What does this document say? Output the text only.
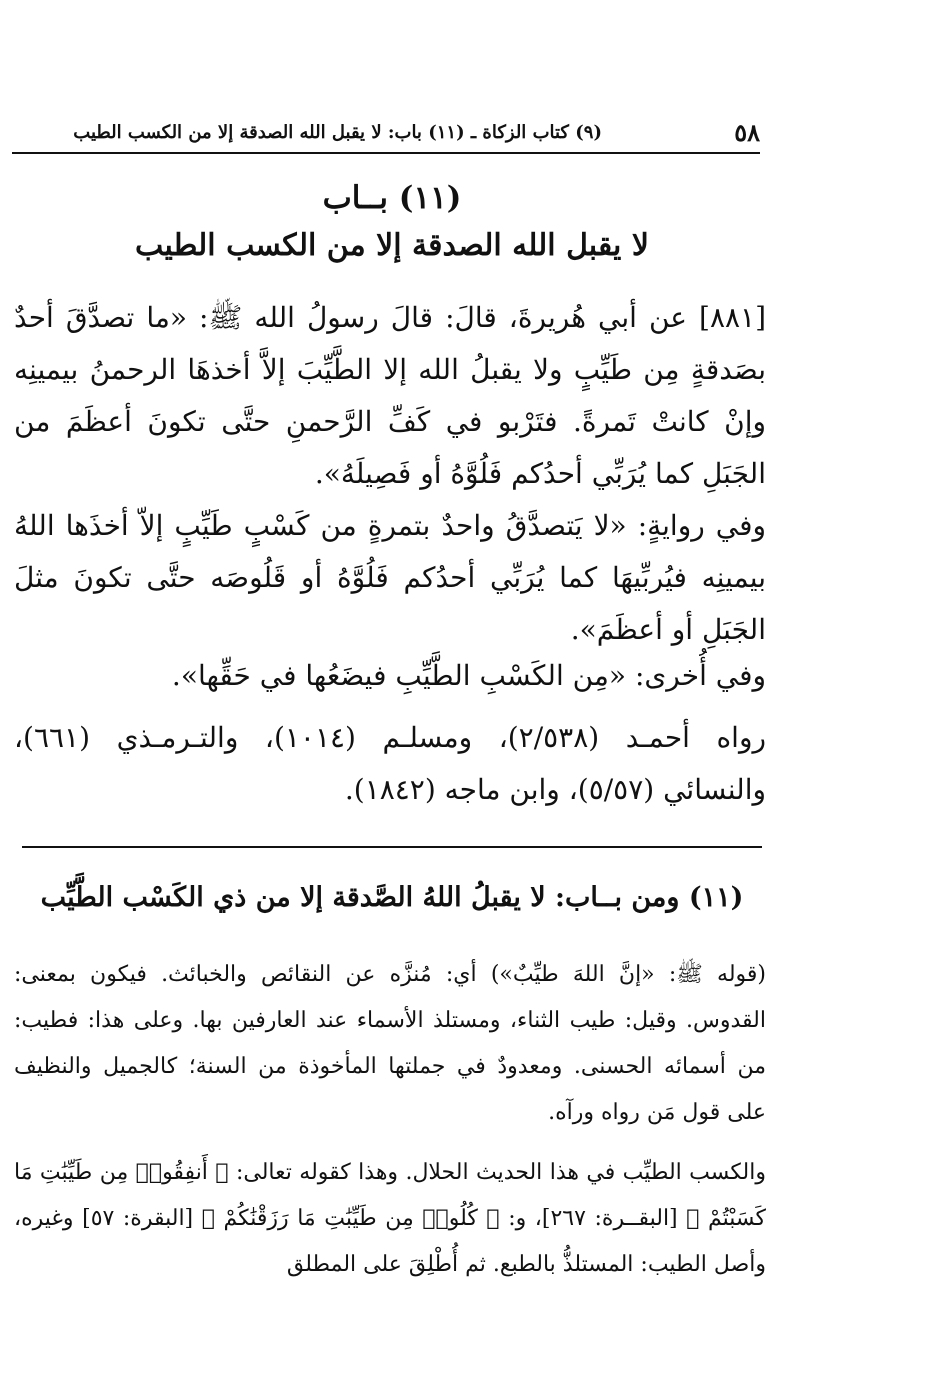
٥٨
(٩) كتاب الزكاة ـ (١١) باب: لا يقبل الله الصدقة إلا من الكسب الطيب
(١١) بــاب
لا يقبل الله الصدقة إلا من الكسب الطيب

[٨٨١] عن أبي هُريرةَ، قالَ: قالَ رسولُ الله ﷺ: «ما تصدَّقَ أحدٌ بصَدقةٍ مِن طَيِّبٍ ولا يقبلُ الله إلا الطَّيِّبَ إلاَّ أخذهَا الرحمنُ بيمينِه وإنْ كانتْ تَمرةً. فتَرْبو في كَفِّ الرَّحمنِ حتَّى تكونَ أعظَمَ من الجَبَلِ كما يُرَبِّي أحدُكم فَلُوَّهُ أو فَصِيلَهُ».

وفي روايةٍ: «لا يَتصدَّقُ واحدٌ بتمرةٍ من كَسْبٍ طَيِّبٍ إلاّ أخذَها اللهُ بيمينِه فيُربِّيهَا كما يُرَبِّي أحدُكم فَلُوَّهُ أو قَلُوصَه حتَّى تكونَ مثلَ الجَبَلِ أو أعظَمَ».

وفي أُخرى: «مِن الكَسْبِ الطَّيِّبِ فيضَعُها في حَقِّها».

رواه أحمـد (٢/٥٣٨)، ومسلـم (١٠١٤)، والتـرمـذي (٦٦١)، والنسائي (٥/٥٧)، وابن ماجه (١٨٤٢).

(١١) ومن بــاب: لا يقبلُ اللهُ الصَّدقة إلا من ذي الكَسْب الطَّيِّب

(قوله ﷺ: «إنَّ اللهَ طيِّبٌ») أي: مُنزَّه عن النقائص والخبائث. فيكون بمعنى: القدوس. وقيل: طيب الثناء، ومستلذ الأسماء عند العارفين بها. وعلى هذا: فطيب: من أسمائه الحسنى. ومعدودٌ في جملتها المأخوذة من السنة؛ كالجميل والنظيف على قول مَن رواه ورآه.

والكسب الطيِّب في هذا الحديث الحلال. وهذا كقوله تعالى: ﴿ أَنفِقُوا۟ مِن طَيِّبَٰتِ مَا كَسَبْتُمْ ﴾ [البقــرة: ٢٦٧]، و: ﴿ كُلُوا۟ مِن طَيِّبَٰتِ مَا رَزَقْنَٰكُمْ ﴾ [البقرة: ٥٧] وغيره، وأصل الطيب: المستلذُّ بالطبع. ثم أُطْلِقَ على المطلق
